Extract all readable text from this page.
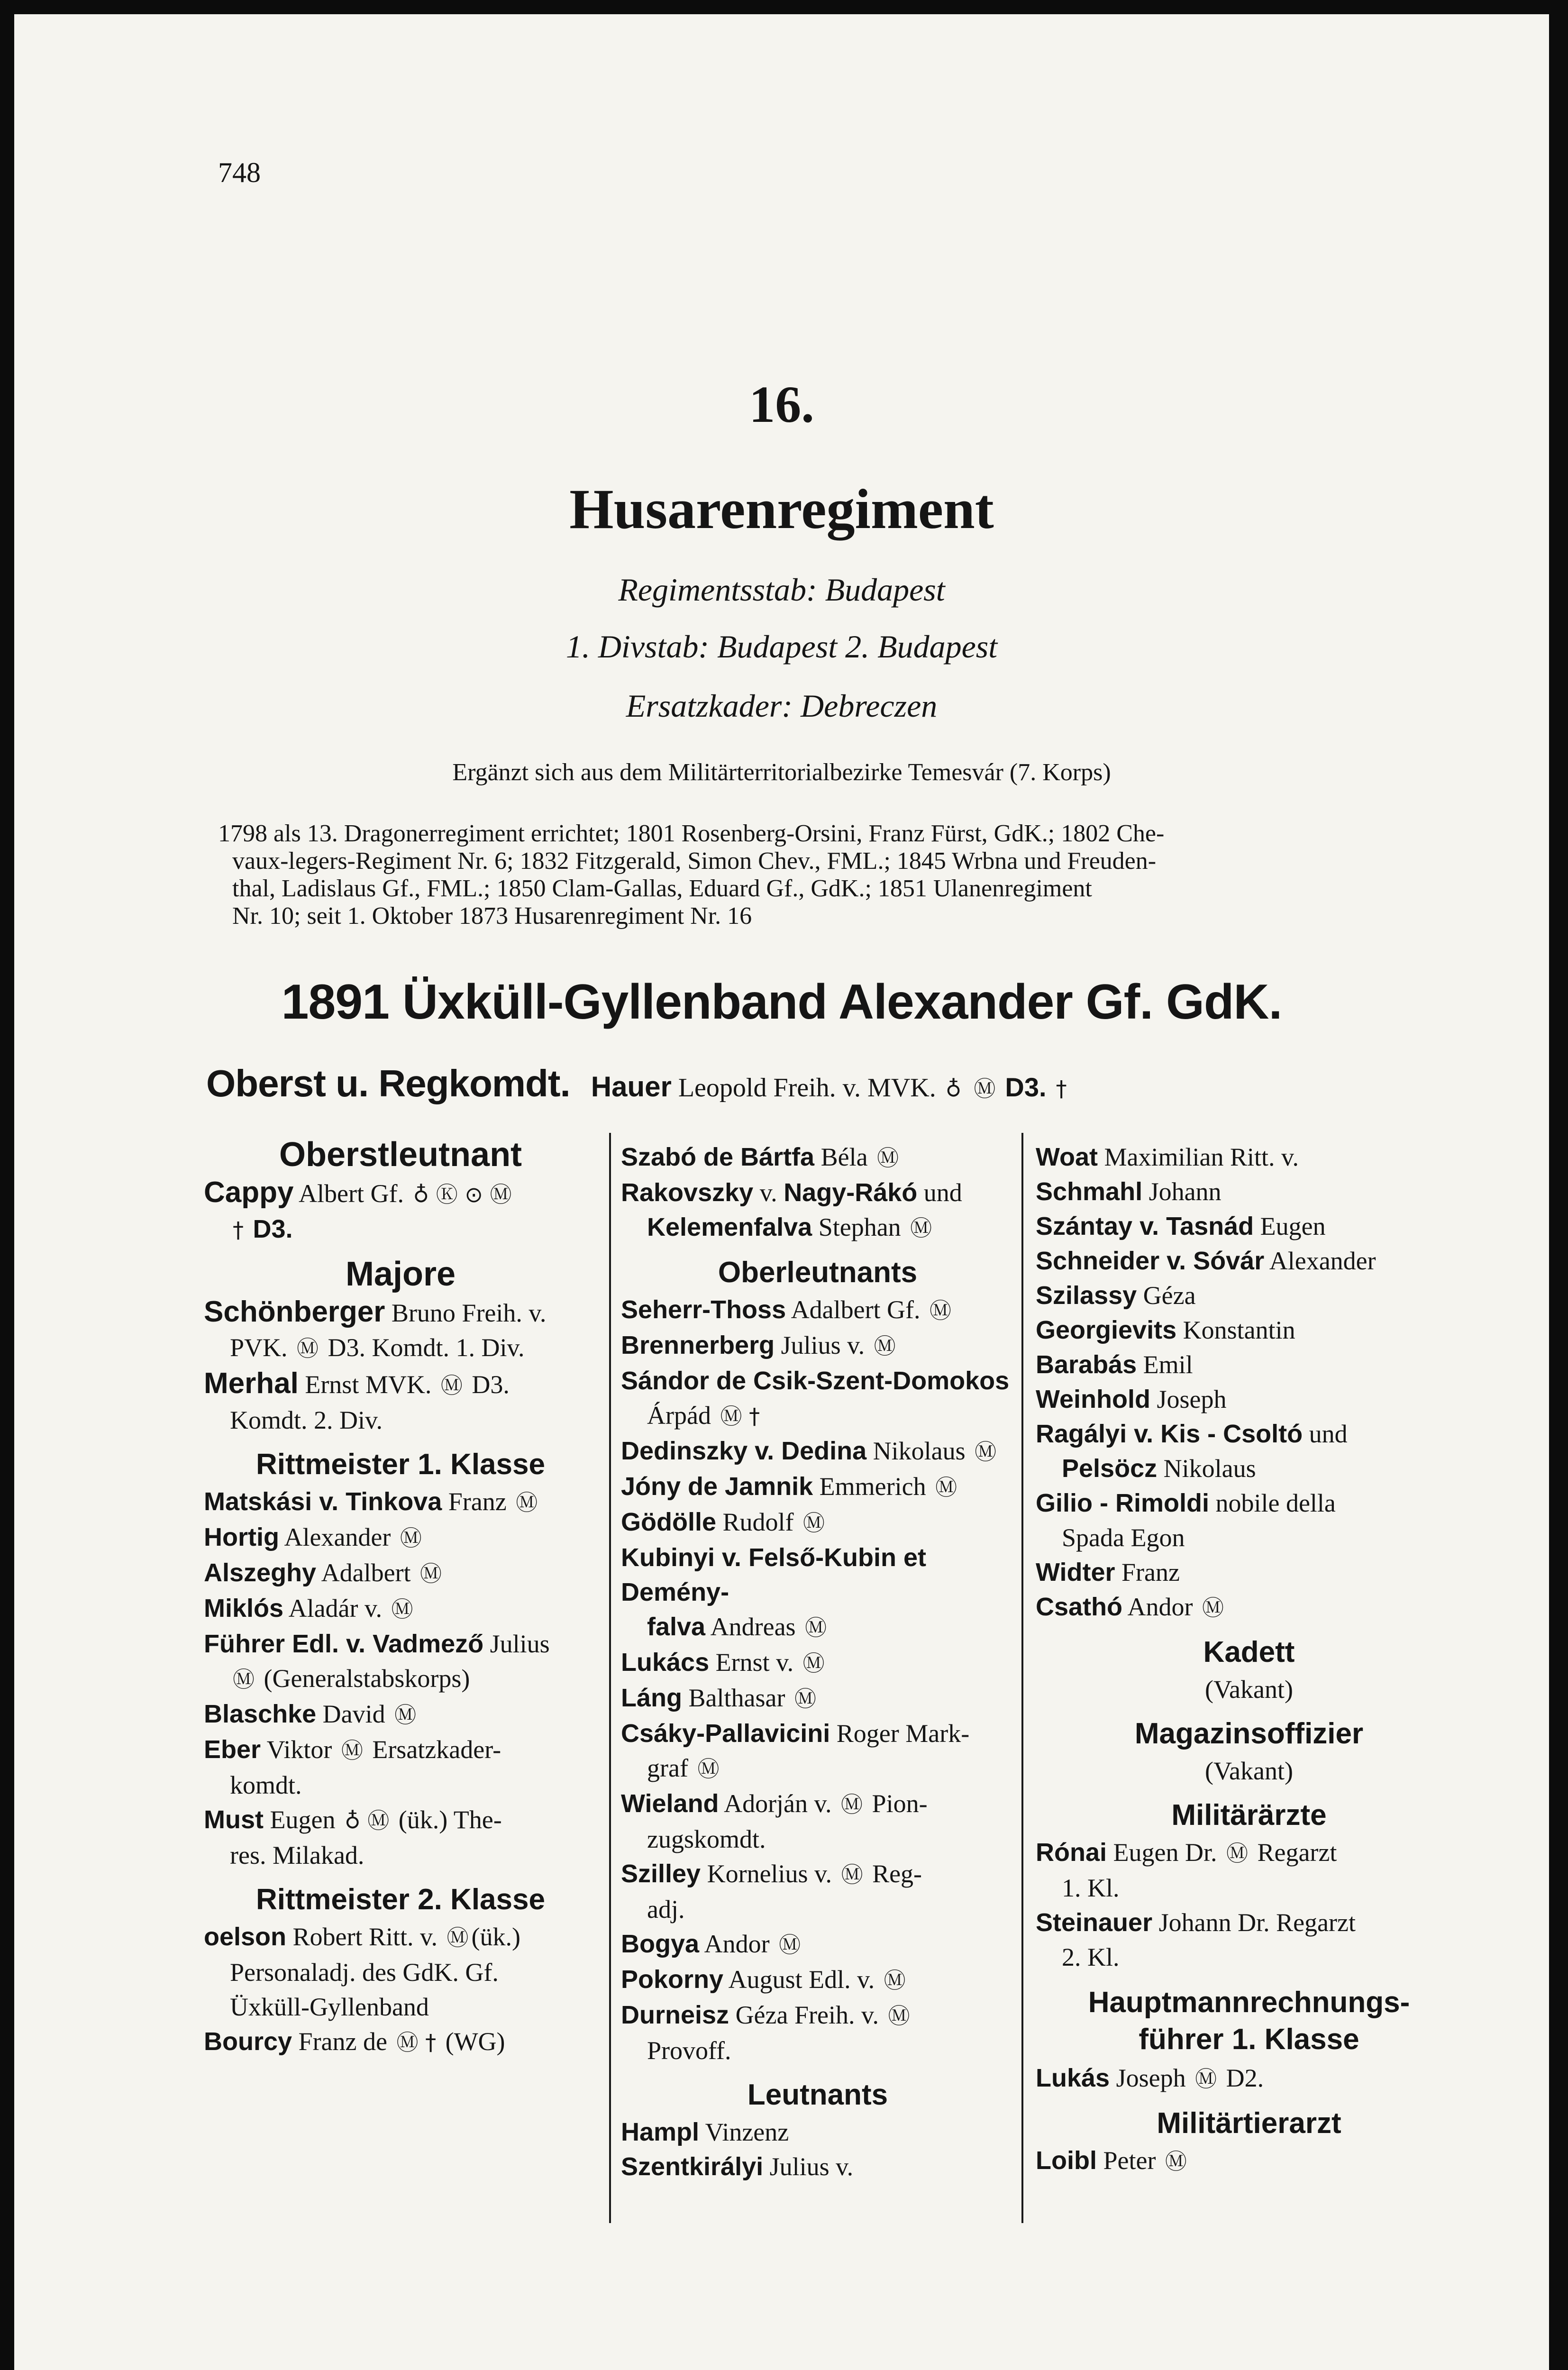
748
16.
Husarenregiment
Regimentsstab: Budapest
1. Divstab: Budapest 2. Budapest
Ersatzkader: Debreczen
Ergänzt sich aus dem Militärterritorialbezirke Temesvár (7. Korps)
1798 als 13. Dragonerregiment errichtet; 1801 Rosenberg-Orsini, Franz Fürst, GdK.; 1802 Che-
vaux-legers-Regiment Nr. 6; 1832 Fitzgerald, Simon Chev., FML.; 1845 Wrbna und Freuden-
thal, Ladislaus Gf., FML.; 1850 Clam-Gallas, Eduard Gf., GdK.; 1851 Ulanenregiment
Nr. 10; seit 1. Oktober 1873 Husarenregiment Nr. 16
1891 Üxküll-Gyllenband Alexander Gf. GdK.
Oberst u. Regkomdt. Hauer Leopold Freih. v. MVK. ♁ Ⓜ D3. †
Oberstleutnant
Cappy Albert Gf. ♁ Ⓚ ⊙ Ⓜ
† D3.
Majore
Schönberger Bruno Freih. v.
PVK. Ⓜ D3. Komdt. 1. Div.
Merhal Ernst MVK. Ⓜ D3.
Komdt. 2. Div.
Rittmeister 1. Klasse
Matskási v. Tinkova Franz Ⓜ
Hortig Alexander Ⓜ
Alszeghy Adalbert Ⓜ
Miklós Aladár v. Ⓜ
Führer Edl. v. Vadmező Julius
Ⓜ (Generalstabskorps)
Blaschke David Ⓜ
Eber Viktor Ⓜ Ersatzkader-
komdt.
Must Eugen ♁ Ⓜ (ük.) The-
res. Milakad.
Rittmeister 2. Klasse
oelson Robert Ritt. v. Ⓜ (ük.)
Personaladj. des GdK. Gf.
Üxküll-Gyllenband
Bourcy Franz de Ⓜ † (WG)
Szabó de Bártfa Béla Ⓜ
Rakovszky v. Nagy-Rákó und
Kelemenfalva Stephan Ⓜ
Oberleutnants
Seherr-Thoss Adalbert Gf. Ⓜ
Brennerberg Julius v. Ⓜ
Sándor de Csik-Szent-Domokos
Árpád Ⓜ †
Dedinszky v. Dedina Nikolaus Ⓜ
Jóny de Jamnik Emmerich Ⓜ
Gödölle Rudolf Ⓜ
Kubinyi v. Felső-Kubin et Demény-
falva Andreas Ⓜ
Lukács Ernst v. Ⓜ
Láng Balthasar Ⓜ
Csáky-Pallavicini Roger Mark-
graf Ⓜ
Wieland Adorján v. Ⓜ Pion-
zugskomdt.
Szilley Kornelius v. Ⓜ Reg-
adj.
Bogya Andor Ⓜ
Pokorny August Edl. v. Ⓜ
Durneisz Géza Freih. v. Ⓜ
Provoff.
Leutnants
Hampl Vinzenz
Szentkirályi Julius v.
Woat Maximilian Ritt. v.
Schmahl Johann
Szántay v. Tasnád Eugen
Schneider v. Sóvár Alexander
Szilassy Géza
Georgievits Konstantin
Barabás Emil
Weinhold Joseph
Ragályi v. Kis - Csoltó und
Pelsöcz Nikolaus
Gilio - Rimoldi nobile della
Spada Egon
Widter Franz
Csathó Andor Ⓜ
Kadett
(Vakant)
Magazinsoffizier
(Vakant)
Militärärzte
Rónai Eugen Dr. Ⓜ Regarzt
1. Kl.
Steinauer Johann Dr. Regarzt
2. Kl.
Hauptmannrechnungs-
führer 1. Klasse
Lukás Joseph Ⓜ D2.
Militärtierarzt
Loibl Peter Ⓜ
